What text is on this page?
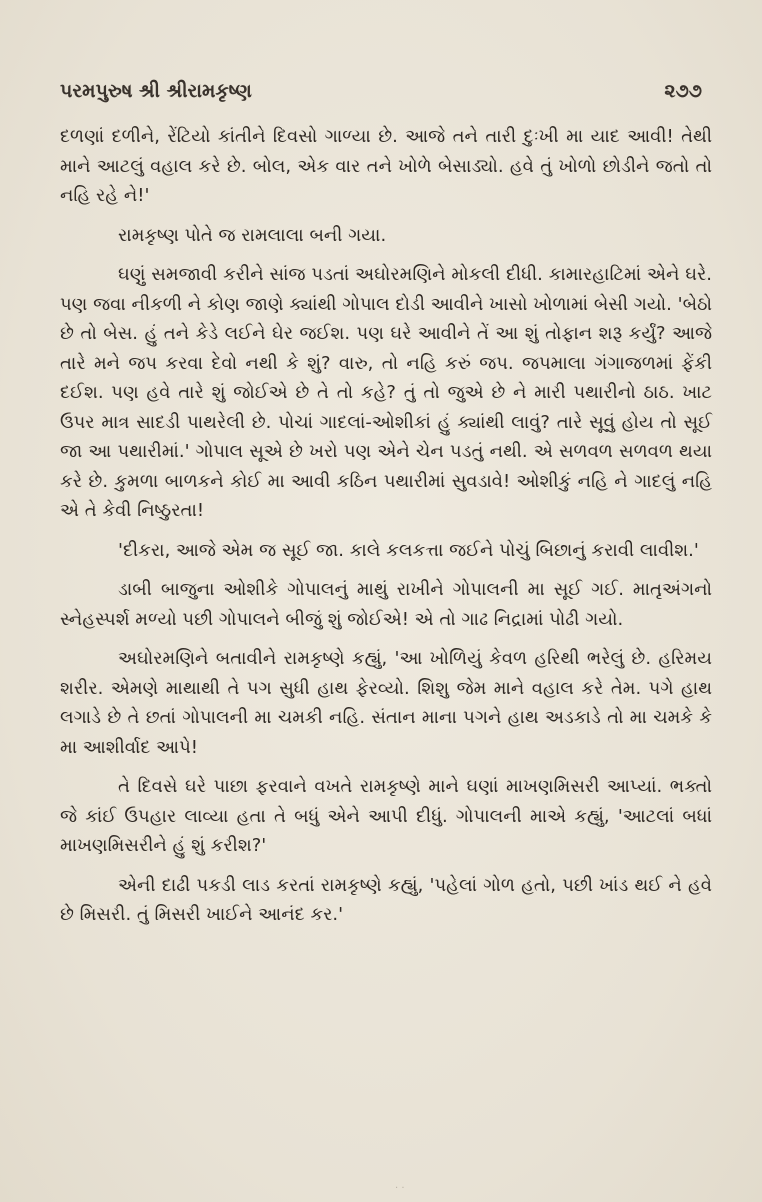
પરમપુરુષ શ્રી શ્રીરામકૃષ્ણ	૨૭૭

દળણાં દળીને, રેંટિયો કાંતીને દિવસો ગાળ્યા છે. આજે તને તારી દુઃખી મા યાદ આવી! તેથી માને આટલું વહાલ કરે છે. બોલ, એક વાર તને ખોળે બેસાડ્યો. હવે તું ખોળો છોડીને જતો તો નહિ રહે ને!'

રામકૃષ્ણ પોતે જ રામલાલા બની ગયા.

ઘણું સમજાવી કરીને સાંજ પડતાં અઘોરમણિને મોકલી દીધી. કામારહાટિમાં એને ઘરે. પણ જવા નીકળી ને કોણ જાણે ક્યાંથી ગોપાલ દોડી આવીને ખાસો ખોળામાં બેસી ગયો. 'બેઠો છે તો બેસ. હું તને કેડે લઈને ઘેર જઈશ. પણ ઘરે આવીને તેં આ શું તોફાન શરૂ કર્યું? આજે તારે મને જપ કરવા દેવો નથી કે શું? વારુ, તો નહિ કરું જપ. જપમાલા ગંગાજળમાં ફેંકી દઈશ. પણ હવે તારે શું જોઈએ છે તે તો કહે? તું તો જુએ છે ને મારી પથારીનો ઠાઠ. ખાટ ઉપર માત્ર સાદડી પાથરેલી છે. પોચાં ગાદલાં-ઓશીકાં હું ક્યાંથી લાવું? તારે સૂવું હોય તો સૂઈ જા આ પથારીમાં.' ગોપાલ સૂએ છે ખરો પણ એને ચેન પડતું નથી. એ સળવળ સળવળ થયા કરે છે. કુમળા બાળકને કોઈ મા આવી કઠિન પથારીમાં સુવડાવે! ઓશીકું નહિ ને ગાદલું નહિ એ તે કેવી નિષ્ઠુરતા!

'દીકરા, આજે એમ જ સૂઈ જા. કાલે કલકત્તા જઈને પોચું બિછાનું કરાવી લાવીશ.'

ડાબી બાજુના ઓશીકે ગોપાલનું માથું રાખીને ગોપાલની મા સૂઈ ગઈ. માતૃઅંગનો સ્નેહસ્પર્શ મળ્યો પછી ગોપાલને બીજું શું જોઈએ! એ તો ગાઢ નિદ્રામાં પોઢી ગયો.

અઘોરમણિને બતાવીને રામકૃષ્ણે કહ્યું, 'આ ખોળિયું કેવળ હરિથી ભરેલું છે. હરિમય શરીર. એમણે માથાથી તે પગ સુધી હાથ ફેરવ્યો. શિશુ જેમ માને વહાલ કરે તેમ. પગે હાથ લગાડે છે તે છતાં ગોપાલની મા ચમકી નહિ. સંતાન માના પગને હાથ અડકાડે તો મા ચમકે કે મા આશીર્વાદ આપે!

તે દિવસે ઘરે પાછા ફરવાને વખતે રામકૃષ્ણે માને ઘણાં માખણમિસરી આપ્યાં. ભક્તો જે કાંઈ ઉપહાર લાવ્યા હતા તે બધું એને આપી દીધું. ગોપાલની માએ કહ્યું, 'આટલાં બધાં માખણમિસરીને હું શું કરીશ?'

એની દાઢી પકડી લાડ કરતાં રામકૃષ્ણે કહ્યું, 'પહેલાં ગોળ હતો, પછી ખાંડ થઈ ને હવે છે મિસરી. તું મિસરી ખાઈને આનંદ કર.'

· ·
